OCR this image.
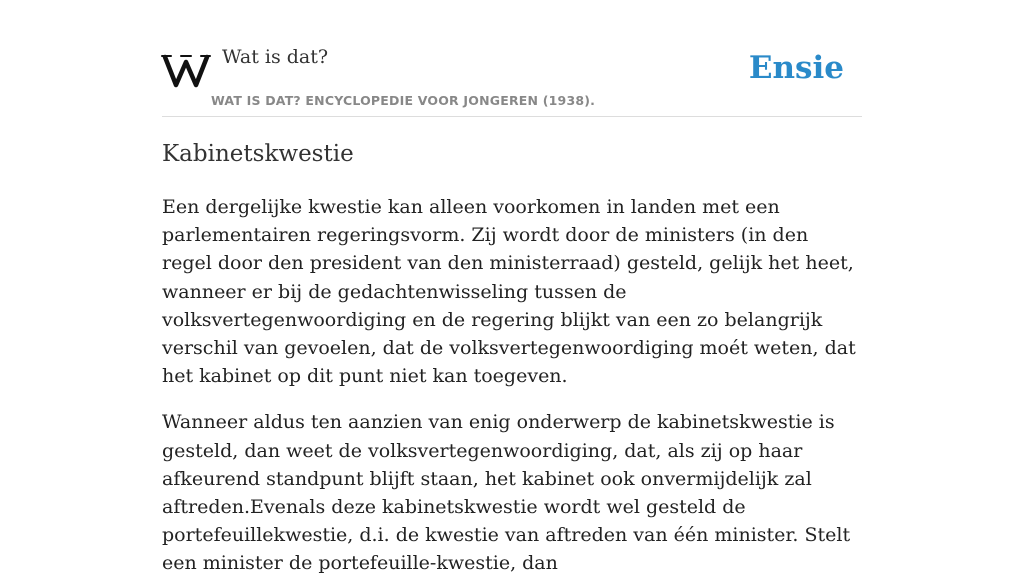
Wat is dat?
WAT IS DAT? ENCYCLOPEDIE VOOR JONGEREN (1938).
Ensie
Kabinetskwestie

Een dergelijke kwestie kan alleen voorkomen in landen met een parlementairen regeringsvorm. Zij wordt door de ministers (in den regel door den president van den ministerraad) gesteld, gelijk het heet, wanneer er bij de gedachtenwisseling tussen de volksvertegenwoordiging en de regering blijkt van een zo belangrijk verschil van gevoelen, dat de volksvertegenwoordiging moét weten, dat het kabinet op dit punt niet kan toegeven.

Wanneer aldus ten aanzien van enig onderwerp de kabinetskwestie is gesteld, dan weet de volksvertegenwoordiging, dat, als zij op haar afkeurend standpunt blijft staan, het kabinet ook onvermijdelijk zal aftreden.Evenals deze kabinetskwestie wordt wel gesteld de portefeuillekwestie, d.i. de kwestie van aftreden van één minister. Stelt een minister de portefeuille-kwestie, dan
